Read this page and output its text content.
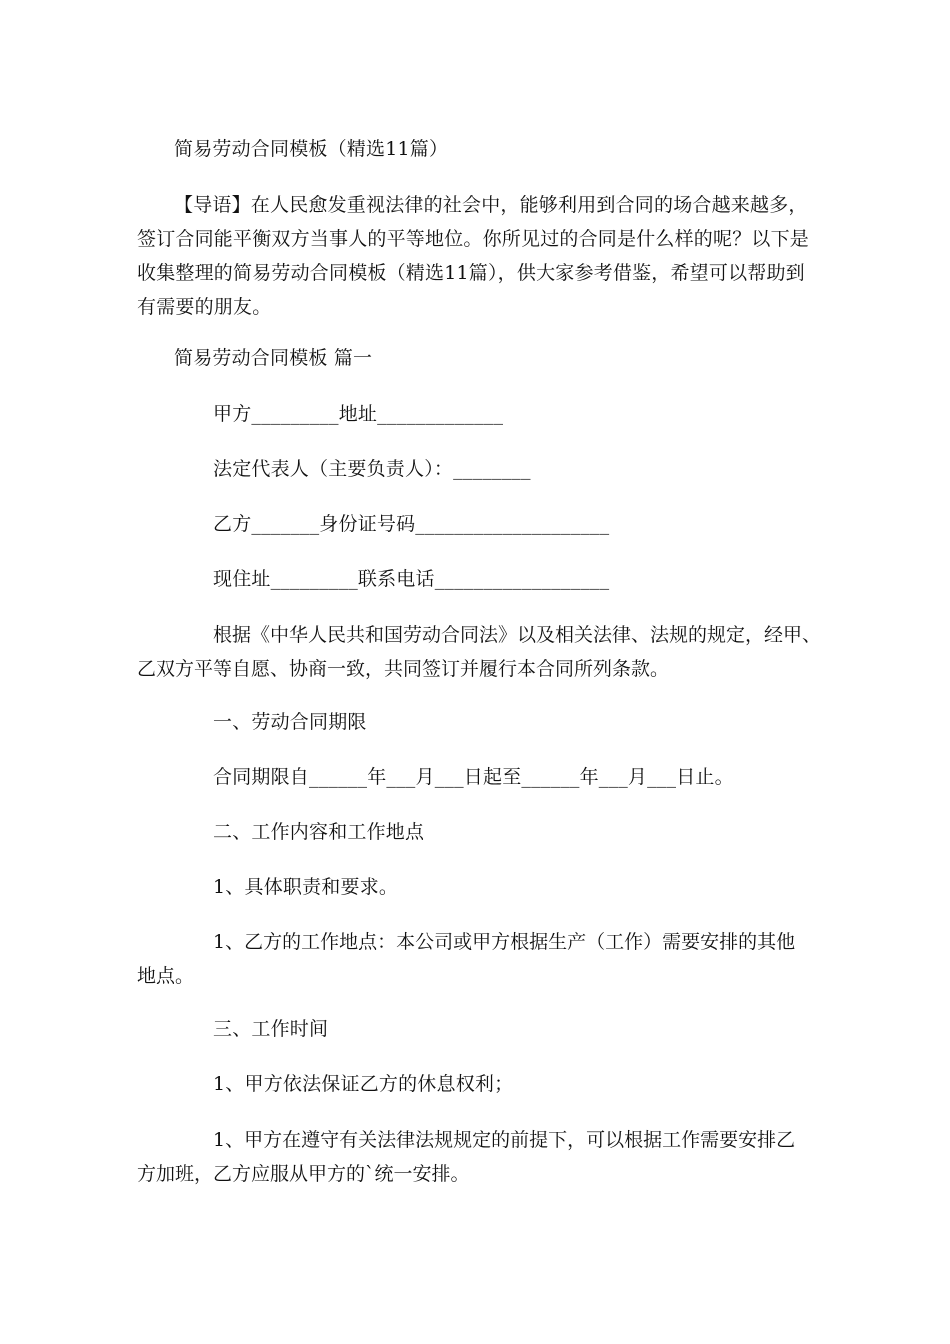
简易劳动合同模板（精选11篇）
【导语】在人民愈发重视法律的社会中，能够利用到合同的场合越来越多，
签订合同能平衡双方当事人的平等地位。你所见过的合同是什么样的呢？以下是
收集整理的简易劳动合同模板（精选11篇），供大家参考借鉴，希望可以帮助到
有需要的朋友。
简易劳动合同模板 篇一
甲方_________地址_____________
法定代表人（主要负责人）：________
乙方_______身份证号码____________________
现住址_________联系电话__________________
根据《中华人民共和国劳动合同法》以及相关法律、法规的规定，经甲、
乙双方平等自愿、协商一致，共同签订并履行本合同所列条款。
一、劳动合同期限
合同期限自______年___月___日起至______年___月___日止。
二、工作内容和工作地点
1、具体职责和要求。
1、乙方的工作地点：本公司或甲方根据生产（工作）需要安排的其他
地点。
三、工作时间
1、甲方依法保证乙方的休息权利；
1、甲方在遵守有关法律法规规定的前提下，可以根据工作需要安排乙
方加班，乙方应服从甲方的`统一安排。
